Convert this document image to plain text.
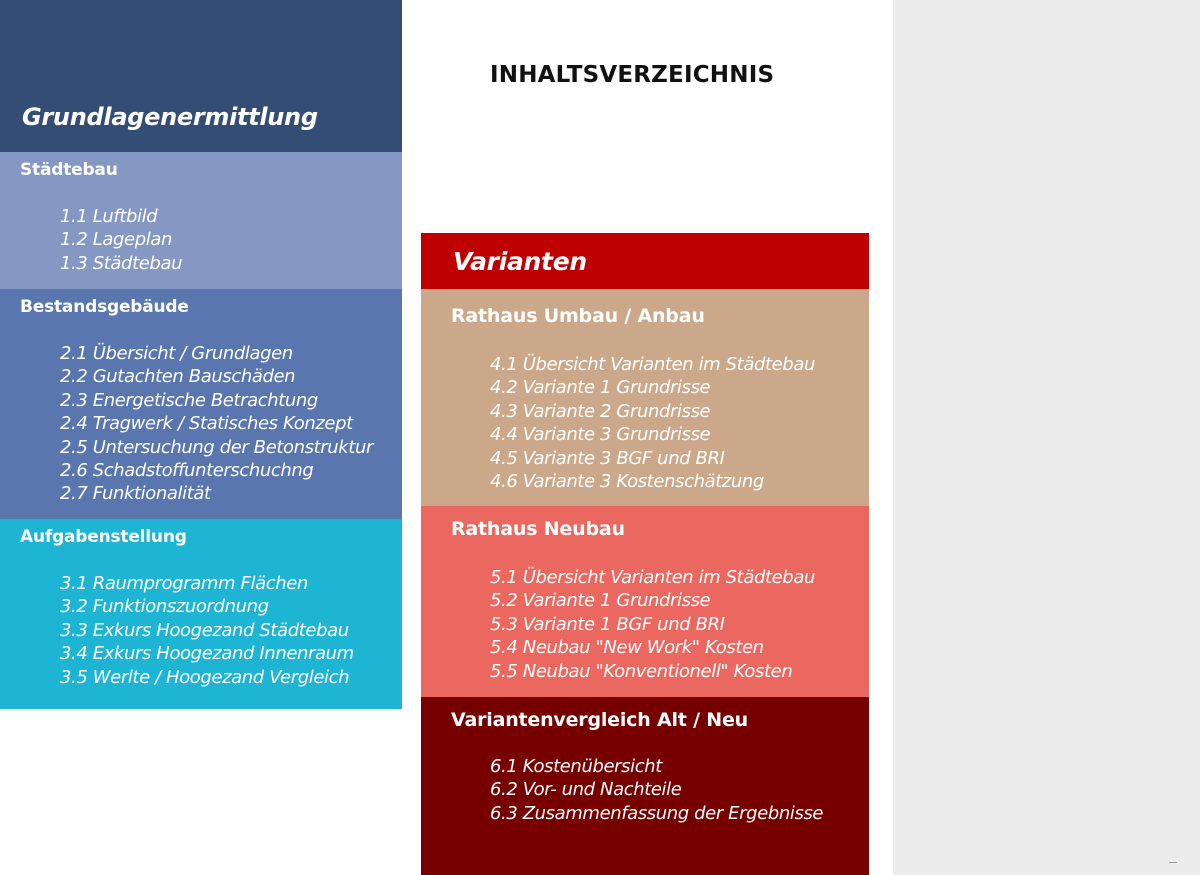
INHALTSVERZEICHNIS
Grundlagenermittlung
Städtebau
1.1 Luftbild
1.2 Lageplan
1.3 Städtebau
Bestandsgebäude
2.1 Übersicht / Grundlagen
2.2 Gutachten Bauschäden
2.3 Energetische Betrachtung
2.4 Tragwerk / Statisches Konzept
2.5 Untersuchung der Betonstruktur
2.6 Schadstoffunterschuchng
2.7 Funktionalität
Aufgabenstellung
3.1 Raumprogramm Flächen
3.2 Funktionszuordnung
3.3 Exkurs Hoogezand Städtebau
3.4 Exkurs Hoogezand Innenraum
3.5 Werlte / Hoogezand Vergleich
Varianten
Rathaus Umbau / Anbau
4.1 Übersicht Varianten im Städtebau
4.2 Variante 1 Grundrisse
4.3 Variante 2 Grundrisse
4.4 Variante 3 Grundrisse
4.5 Variante 3 BGF und BRI
4.6 Variante 3 Kostenschätzung
Rathaus Neubau
5.1 Übersicht Varianten im Städtebau
5.2 Variante 1 Grundrisse
5.3 Variante 1 BGF und BRI
5.4 Neubau "New Work" Kosten
5.5 Neubau "Konventionell" Kosten
Variantenvergleich Alt / Neu
6.1 Kostenübersicht
6.2 Vor- und Nachteile
6.3 Zusammenfassung der Ergebnisse
